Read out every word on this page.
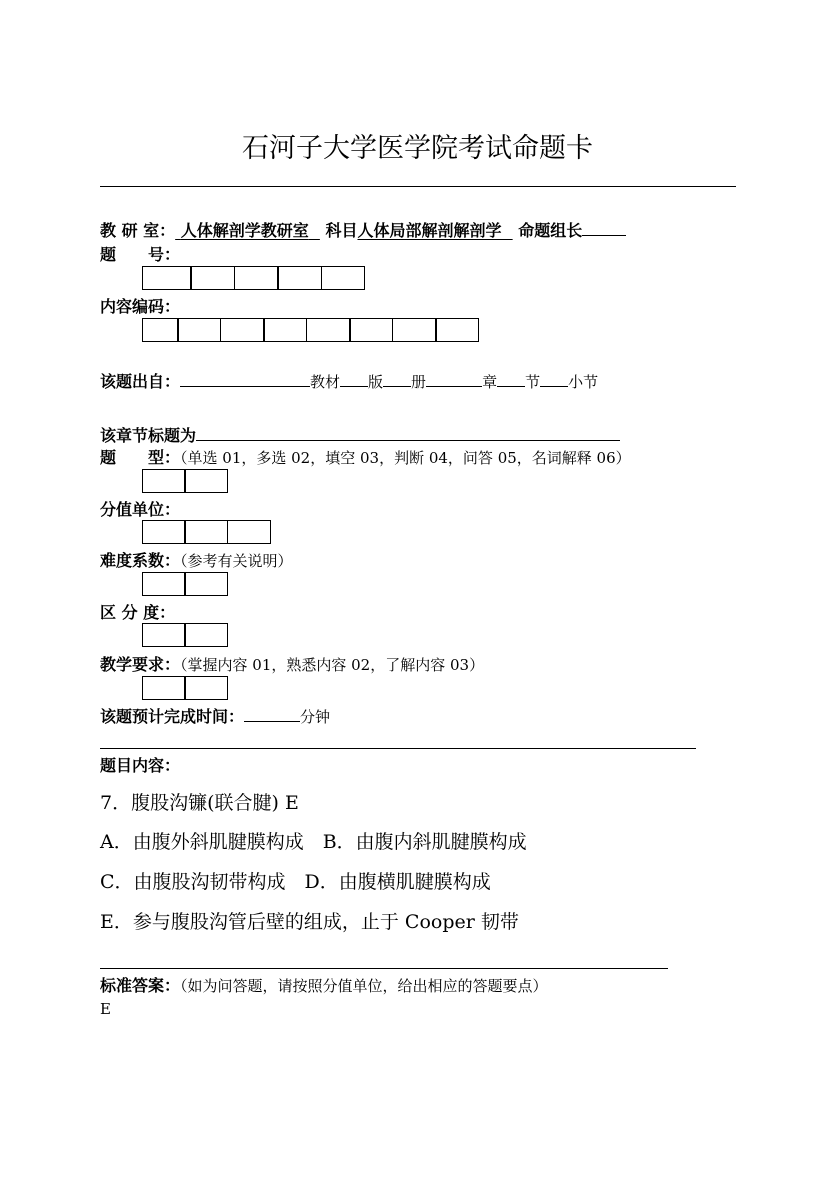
石河子大学医学院考试命题卡
教 研 室： 人体解剖学教研室 科目人体局部解剖解剖学 命题组长
题　　号：
内容编码：
该题出自：	教材 版 册	章 节 小节
该章节标题为
题　　型：（单选 01，多选 02，填空 03，判断 04，问答 05，名词解释 06）
分值单位：
难度系数：（参考有关说明）
区 分 度：
教学要求：（掌握内容 01，熟悉内容 02，了解内容 03）
该题预计完成时间：	分钟
题目内容：
7．腹股沟镰(联合腱) E
A．由腹外斜肌腱膜构成　B．由腹内斜肌腱膜构成
C．由腹股沟韧带构成　D．由腹横肌腱膜构成
E．参与腹股沟管后壁的组成，止于 Cooper 韧带
标准答案：（如为问答题，请按照分值单位，给出相应的答题要点）
E
